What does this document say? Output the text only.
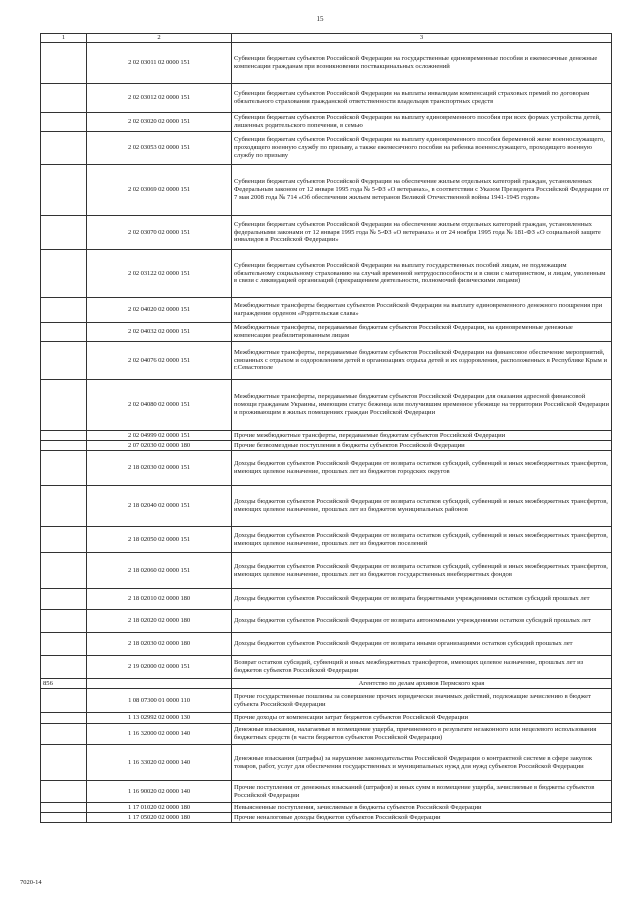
15
1	2	3
	2 02 03011 02 0000 151	Субвенции бюджетам субъектов Российской Федерации на государственные единовременные пособия и ежемесячные денежные компенсации гражданам при возникновении поствакцинальных осложнений
	2 02 03012 02 0000 151	Субвенции бюджетам субъектов Российской Федерации на выплаты инвалидам компенсаций страховых премий по договорам обязательного страхования гражданской ответственности владельцев транспортных средств
	2 02 03020 02 0000 151	Субвенции бюджетам субъектов Российской Федерации на выплату единовременного пособия при всех формах устройства детей, лишенных родительского попечения, в семью
	2 02 03053 02 0000 151	Субвенции бюджетам субъектов Российской Федерации на выплату единовременного пособия беременной жене военнослужащего, проходящего военную службу по призыву, а также ежемесячного пособия на ребенка военнослужащего, проходящего военную службу по призыву
	2 02 03069 02 0000 151	Субвенции бюджетам субъектов Российской Федерации на обеспечение жильем отдельных категорий граждан, установленных Федеральным законом от 12 января 1995 года № 5-ФЗ «О ветеранах», в соответствии с Указом Президента Российской Федерации от 7 мая 2008 года № 714 «Об обеспечении жильем ветеранов Великой Отечественной войны 1941-1945 годов»
	2 02 03070 02 0000 151	Субвенции бюджетам субъектов Российской Федерации на обеспечение жильем отдельных категорий граждан, установленных федеральными законами от 12 января 1995 года № 5-ФЗ «О ветеранах» и от 24 ноября 1995 года № 181-ФЗ «О социальной защите инвалидов в Российской Федерации»
	2 02 03122 02 0000 151	Субвенции бюджетам субъектов Российской Федерации на выплату государственных пособий лицам, не подлежащим обязательному социальному страхованию на случай временной нетрудоспособности и в связи с материнством, и лицам, уволенным в связи с ликвидацией организаций (прекращением деятельности, полномочий физическими лицами)
	2 02 04020 02 0000 151	Межбюджетные трансферты бюджетам субъектов Российской Федерации на выплату единовременного денежного поощрения при награждении орденом «Родительская слава»
	2 02 04032 02 0000 151	Межбюджетные трансферты, передаваемые бюджетам субъектов Российской Федерации, на единовременные денежные компенсации реабилитированным лицам
	2 02 04076 02 0000 151	Межбюджетные трансферты, передаваемые бюджетам субъектов Российской Федерации на финансовое обеспечение мероприятий, связанных с отдыхом и оздоровлением детей в организациях отдыха детей и их оздоровления, расположенных в Республике Крым и г.Севастополе
	2 02 04080 02 0000 151	Межбюджетные трансферты, передаваемые бюджетам субъектов Российской Федерации для оказания адресной финансовой помощи гражданам Украины, имеющим статус беженца или получившим временное убежище на территории Российской Федерации и проживающим в жилых помещениях граждан Российской Федерации
	2 02 04999 02 0000 151	Прочие межбюджетные трансферты, передаваемые бюджетам субъектов Российской Федерации
	2 07 02030 02 0000 180	Прочие безвозмездные поступления в бюджеты субъектов Российской Федерации
	2 18 02030 02 0000 151	Доходы бюджетов субъектов Российской Федерации от возврата остатков субсидий, субвенций и иных межбюджетных трансфертов, имеющих целевое назначение, прошлых лет из бюджетов городских округов
	2 18 02040 02 0000 151	Доходы бюджетов субъектов Российской Федерации от возврата остатков субсидий, субвенций и иных межбюджетных трансфертов, имеющих целевое назначение, прошлых лет из бюджетов муниципальных районов
	2 18 02050 02 0000 151	Доходы бюджетов субъектов Российской Федерации от возврата остатков субсидий, субвенций и иных межбюджетных трансфертов, имеющих целевое назначение, прошлых лет из бюджетов поселений
	2 18 02060 02 0000 151	Доходы бюджетов субъектов Российской Федерации от возврата остатков субсидий, субвенций и иных межбюджетных трансфертов, имеющих целевое назначение, прошлых лет из бюджетов государственных внебюджетных фондов
	2 18 02010 02 0000 180	Доходы бюджетов субъектов Российской Федерации от возврата бюджетными учреждениями остатков субсидий прошлых лет
	2 18 02020 02 0000 180	Доходы бюджетов субъектов Российской Федерации от возврата автономными учреждениями остатков субсидий прошлых лет
	2 18 02030 02 0000 180	Доходы бюджетов субъектов Российской Федерации от возврата иными организациями остатков субсидий прошлых лет
	2 19 02000 02 0000 151	Возврат остатков субсидий, субвенций и иных межбюджетных трансфертов, имеющих целевое назначение, прошлых лет из бюджетов субъектов Российской Федерации
856		Агентство по делам архивов Пермского края
	1 08 07300 01 0000 110	Прочие государственные пошлины за совершение прочих юридически значимых действий, подлежащие зачислению в бюджет субъекта Российской Федерации
	1 13 02992 02 0000 130	Прочие доходы от компенсации затрат бюджетов субъектов Российской Федерации
	1 16 32000 02 0000 140	Денежные взыскания, налагаемые в возмещение ущерба, причиненного в результате незаконного или нецелевого использования бюджетных средств (в части бюджетов субъектов Российской Федерации)
	1 16 33020 02 0000 140	Денежные взыскания (штрафы) за нарушение законодательства Российской Федерации о контрактной системе в сфере закупок товаров, работ, услуг для обеспечения государственных и муниципальных нужд для нужд субъектов Российской Федерации
	1 16 90020 02 0000 140	Прочие поступления от денежных взысканий (штрафов) и иных сумм в возмещение ущерба, зачисляемые в бюджеты субъектов Российской Федерации
	1 17 01020 02 0000 180	Невыясненные поступления, зачисляемые в бюджеты субъектов Российской Федерации
	1 17 05020 02 0000 180	Прочие неналоговые доходы бюджетов субъектов Российской Федерации
7020-14
